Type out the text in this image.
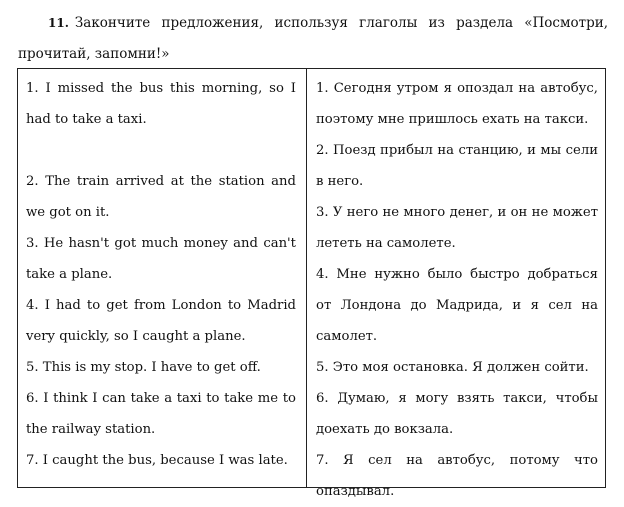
11. Закончите предложения, используя глаголы из раздела «Посмотри, прочитай, запомни!»
1. I missed the bus this morning, so I had to take a taxi.
2. The train arrived at the station and we got on it.
3. He hasn't got much money and can't take a plane.
4. I had to get from London to Madrid very quickly, so I caught a plane.
5. This is my stop. I have to get off.
6. I think I can take a taxi to take me to the railway station.
7. I caught the bus, because I was late.
1. Сегодня утром я опоздал на автобус, поэтому мне пришлось ехать на такси.
2. Поезд прибыл на станцию, и мы сели в него.
3. У него не много денег, и он не может лететь на самолете.
4. Мне нужно было быстро добраться от Лондона до Мадрида, и я сел на самолет.
5. Это моя остановка. Я должен сойти.
6. Думаю, я могу взять такси, чтобы доехать до вокзала.
7. Я сел на автобус, потому что опаздывал.
